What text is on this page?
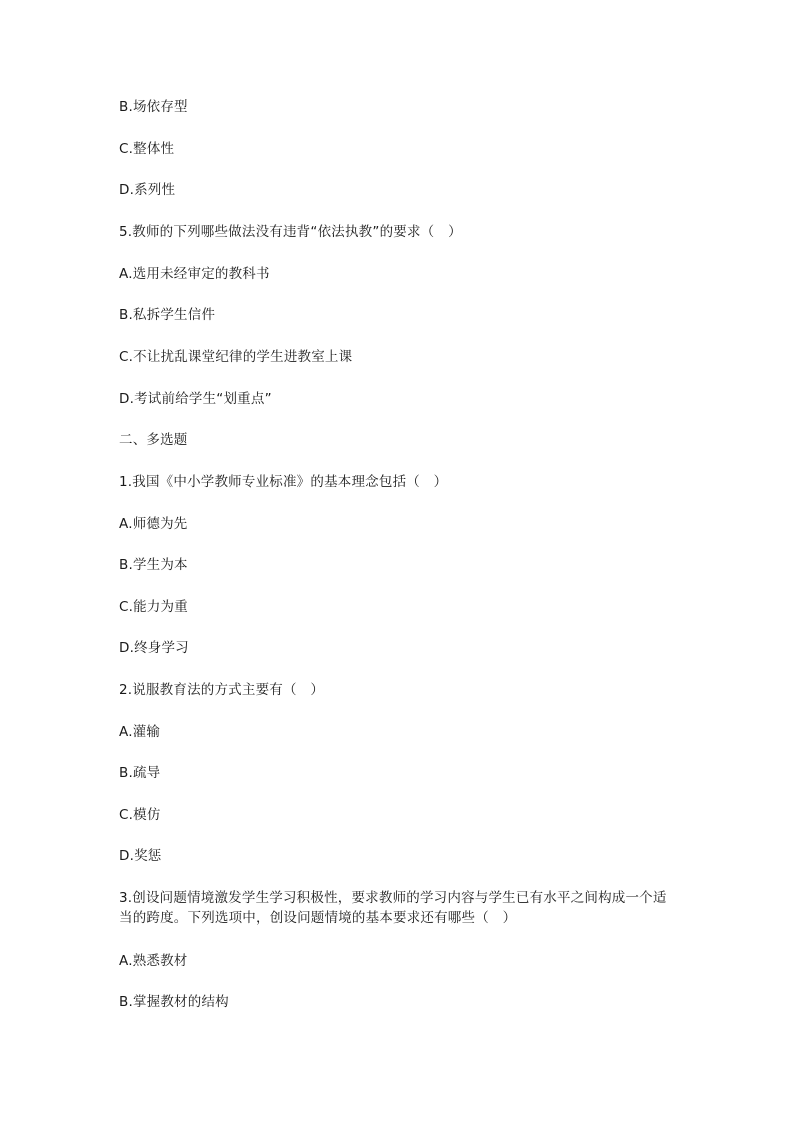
B.场依存型
C.整体性
D.系列性
5.教师的下列哪些做法没有违背“依法执教”的要求（　）
A.选用未经审定的教科书
B.私拆学生信件
C.不让扰乱课堂纪律的学生进教室上课
D.考试前给学生“划重点”
二、多选题
1.我国《中小学教师专业标准》的基本理念包括（　）
A.师德为先
B.学生为本
C.能力为重
D.终身学习
2.说服教育法的方式主要有（　）
A.灌输
B.疏导
C.模仿
D.奖惩
3.创设问题情境激发学生学习积极性，要求教师的学习内容与学生已有水平之间构成一个适当的跨度。下列选项中，创设问题情境的基本要求还有哪些（　）
A.熟悉教材
B.掌握教材的结构
